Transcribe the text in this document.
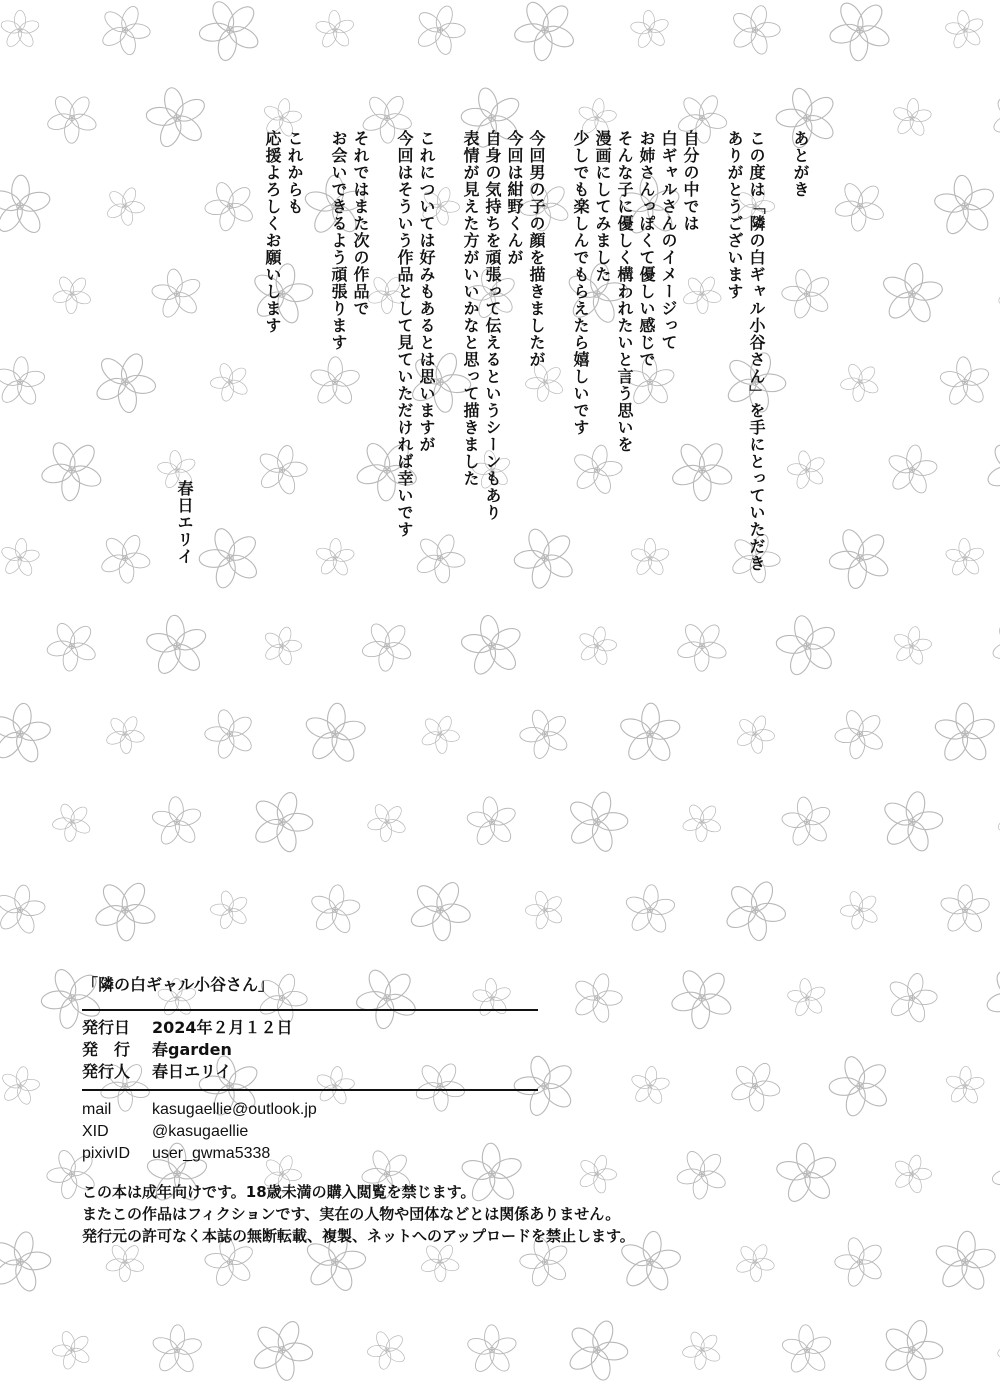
あとがき
この度は「隣の白ギャル小谷さん」を手にとっていただき
ありがとうございます
自分の中では
白ギャルさんのイメージって
お姉さんっぽくて優しい感じで
そんな子に優しく構われたいと言う思いを
漫画にしてみました
少しでも楽しんでもらえたら嬉しいです
今回男の子の顔を描きましたが
今回は紺野くんが
自身の気持ちを頑張って伝えるというシーンもあり
表情が見えた方がいいかなと思って描きました
これについては好みもあるとは思いますが
今回はそういう作品として見ていただければ幸いです
それではまた次の作品で
お会いできるよう頑張ります
これからも
応援よろしくお願いします
春日エリイ
「隣の白ギャル小谷さん」
発行日 2024年２月１２日
発　行 春garden
発行人 春日エリイ
mail	kasugaellie@outlook.jp
XID	@kasugaellie
pixivID user_gwma5338
この本は成年向けです。18歳未満の購入閲覧を禁じます。
またこの作品はフィクションです、実在の人物や団体などとは関係ありません。
発行元の許可なく本誌の無断転載、複製、ネットへのアップロードを禁止します。
